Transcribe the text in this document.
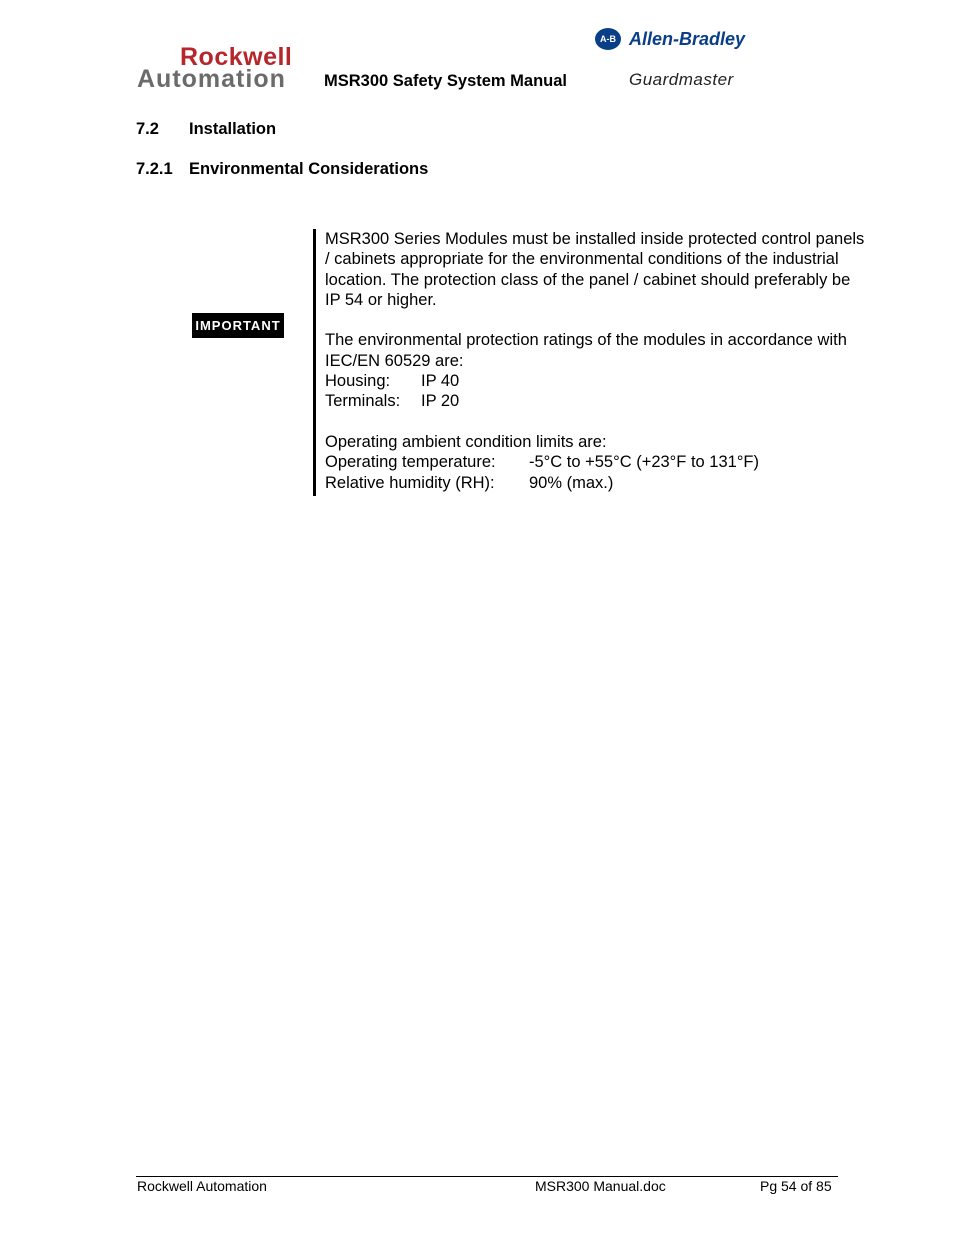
Rockwell
Automation MSR300 Safety System Manual
A-B Allen-Bradley
Guardmaster
7.2 Installation
7.2.1 Environmental Considerations
IMPORTANT

MSR300 Series Modules must be installed inside protected control panels / cabinets appropriate for the environmental conditions of the industrial location. The protection class of the panel / cabinet should preferably be IP 54 or higher.

The environmental protection ratings of the modules in accordance with IEC/EN 60529 are:

Housing:	IP 40
Terminals:	IP 20

Operating ambient condition limits are:

Operating temperature:	-5°C to +55°C (+23°F to 131°F)
Relative humidity (RH):	90% (max.)
Rockwell Automation	MSR300 Manual.doc	Pg 54 of 85
